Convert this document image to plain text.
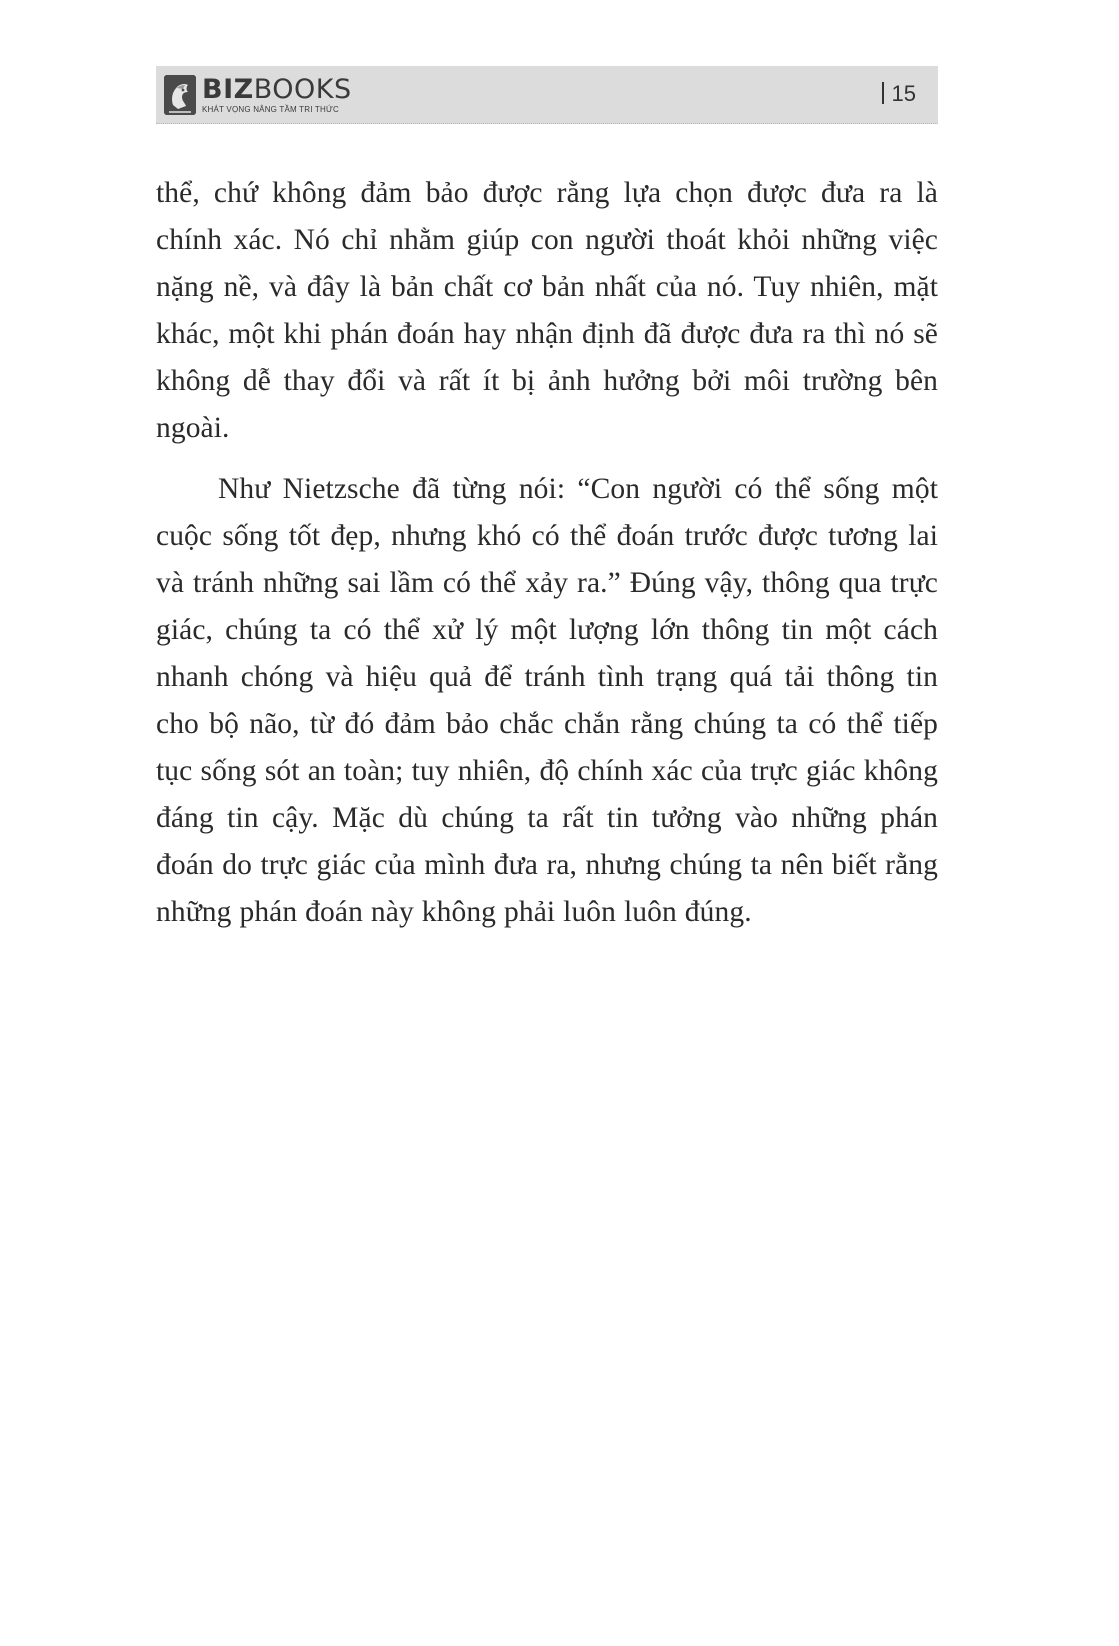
BIZBOOKS
KHÁT VỌNG NÂNG TẦM TRI THỨC
15

thể, chứ không đảm bảo được rằng lựa chọn được đưa ra là chính xác. Nó chỉ nhằm giúp con người thoát khỏi những việc nặng nề, và đây là bản chất cơ bản nhất của nó. Tuy nhiên, mặt khác, một khi phán đoán hay nhận định đã được đưa ra thì nó sẽ không dễ thay đổi và rất ít bị ảnh hưởng bởi môi trường bên ngoài.

Như Nietzsche đã từng nói: “Con người có thể sống một cuộc sống tốt đẹp, nhưng khó có thể đoán trước được tương lai và tránh những sai lầm có thể xảy ra.” Đúng vậy, thông qua trực giác, chúng ta có thể xử lý một lượng lớn thông tin một cách nhanh chóng và hiệu quả để tránh tình trạng quá tải thông tin cho bộ não, từ đó đảm bảo chắc chắn rằng chúng ta có thể tiếp tục sống sót an toàn; tuy nhiên, độ chính xác của trực giác không đáng tin cậy. Mặc dù chúng ta rất tin tưởng vào những phán đoán do trực giác của mình đưa ra, nhưng chúng ta nên biết rằng những phán đoán này không phải luôn luôn đúng.
